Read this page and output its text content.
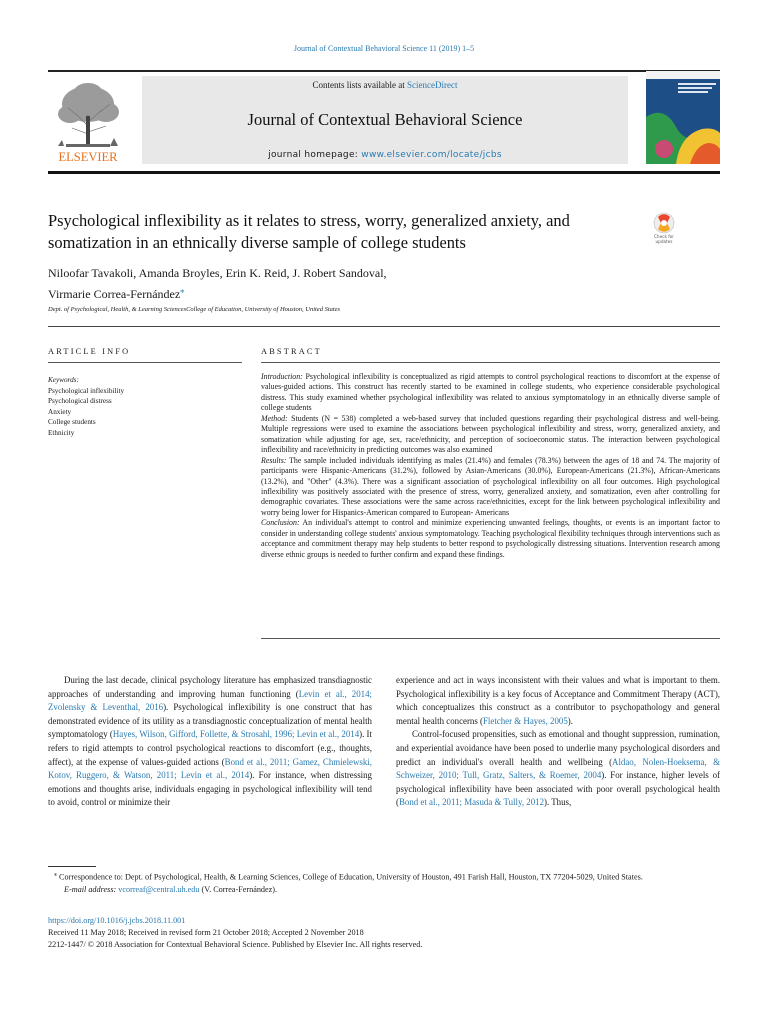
Journal of Contextual Behavioral Science 11 (2019) 1–5
ELSEVIER
Contents lists available at ScienceDirect
Journal of Contextual Behavioral Science
journal homepage: www.elsevier.com/locate/jcbs
Psychological inflexibility as it relates to stress, worry, generalized anxiety, and somatization in an ethnically diverse sample of college students	Check for updates
Niloofar Tavakoli, Amanda Broyles, Erin K. Reid, J. Robert Sandoval,
Virmarie Correa-Fernández⁎
Dept. of Psychological, Health, & Learning SciencesCollege of Education, University of Houston, United States
ARTICLE INFO
Keywords:
Psychological inflexibility
Psychological distress
Anxiety
College students
Ethnicity
ABSTRACT
Introduction: Psychological inflexibility is conceptualized as rigid attempts to control psychological reactions to discomfort at the expense of values-guided actions. This construct has recently started to be examined in college students, who experience considerable psychological distress. This study examined whether psychological inflexibility was related to anxious symptomatology in an ethnically diverse sample of college students
Method: Students (N = 538) completed a web-based survey that included questions regarding their psychological distress and well-being. Multiple regressions were used to examine the associations between psychological inflexibility and stress, worry, generalized anxiety, and somatization while adjusting for age, sex, race/ethnicity, and perception of socioeconomic status. The interaction between psychological inflexibility and race/ethnicity in predicting outcomes was also examined
Results: The sample included individuals identifying as males (21.4%) and females (78.3%) between the ages of 18 and 74. The majority of participants were Hispanic-Americans (31.2%), followed by Asian-Americans (30.0%), European-Americans (21.3%), African-Americans (13.2%), and "Other" (4.3%). There was a significant association of psychological inflexibility on all four outcomes. High psychological inflexibility was positively associated with the presence of stress, worry, generalized anxiety, and somatization, even after controlling for demographic covariates. These associations were the same across race/ethnicities, except for the link between psychological inflexibility and worry being lower for Hispanics-American compared to European- Americans
Conclusion: An individual's attempt to control and minimize experiencing unwanted feelings, thoughts, or events is an important factor to consider in understanding college students' anxious symptomatology. Teaching psychological flexibility techniques through interventions such as acceptance and commitment therapy may help students to better respond to psychologically distressing situations. Intervention research among diverse ethnic groups is needed to further confirm and expand these findings.

During the last decade, clinical psychology literature has emphasized transdiagnostic approaches of understanding and improving human functioning (Levin et al., 2014; Zvolensky & Leventhal, 2016). Psychological inflexibility is one construct that has demonstrated evidence of its utility as a transdiagnostic conceptualization of mental health symptomatology (Hayes, Wilson, Gifford, Follette, & Strosahl, 1996; Levin et al., 2014). It refers to rigid attempts to control psychological reactions to discomfort (e.g., thoughts, affect), at the expense of values-guided actions (Bond et al., 2011; Gamez, Chmielewski, Kotov, Ruggero, & Watson, 2011; Levin et al., 2014). For instance, when distressing emotions and thoughts arise, individuals engaging in psychological inflexibility will tend to avoid, control or minimize their

experience and act in ways inconsistent with their values and what is important to them. Psychological inflexibility is a key focus of Acceptance and Commitment Therapy (ACT), which conceptualizes this construct as a contributor to psychopathology and general mental health concerns (Fletcher & Hayes, 2005).

Control-focused propensities, such as emotional and thought suppression, rumination, and experiential avoidance have been posed to underlie many psychological disorders and predict an individual's overall health and wellbeing (Aldao, Nolen-Hoeksema, & Schweizer, 2010; Tull, Gratz, Salters, & Roemer, 2004). For instance, higher levels of psychological inflexibility have been associated with poor overall psychological health (Bond et al., 2011; Masuda & Tully, 2012). Thus,

⁎ Correspondence to: Dept. of Psychological, Health, & Learning Sciences, College of Education, University of Houston, 491 Farish Hall, Houston, TX 77204-5029, United States.
E-mail address: vcorreaf@central.uh.edu (V. Correa-Fernández).
https://doi.org/10.1016/j.jcbs.2018.11.001
Received 11 May 2018; Received in revised form 21 October 2018; Accepted 2 November 2018
2212-1447/ © 2018 Association for Contextual Behavioral Science. Published by Elsevier Inc. All rights reserved.
